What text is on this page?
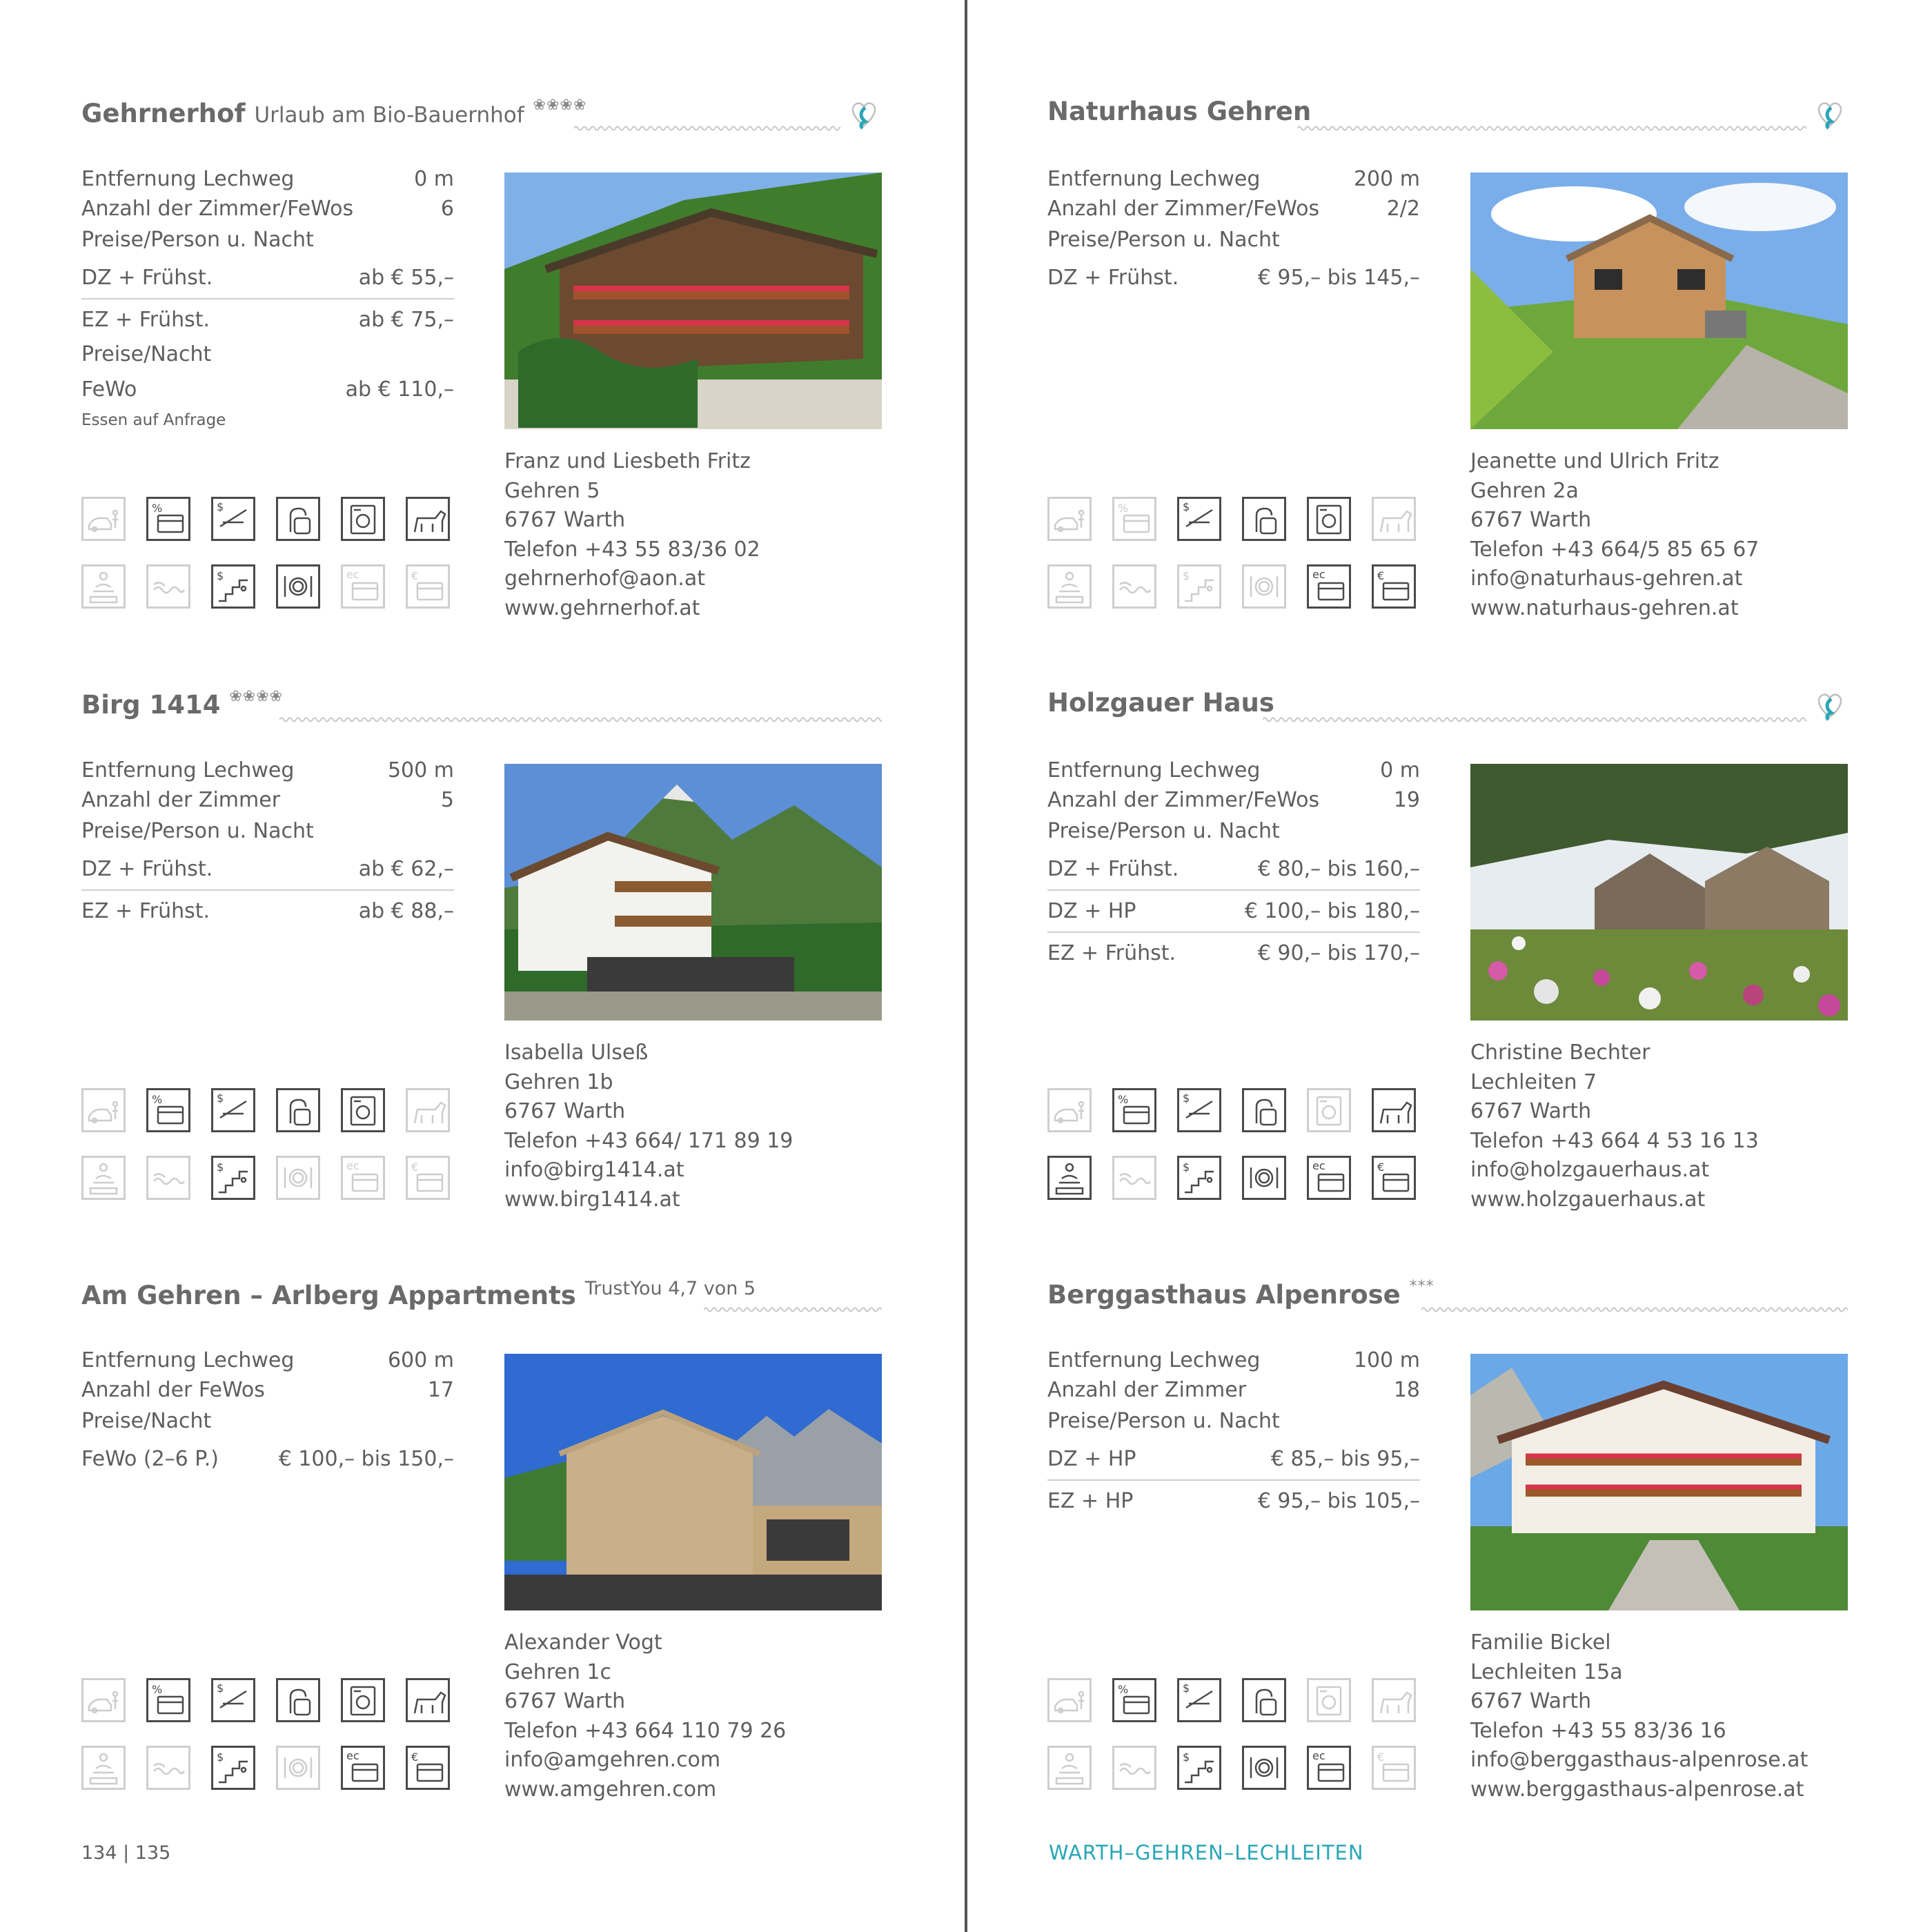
Gehrnerhof Urlaub am Bio-Bauernhof ❀❀❀❀
Entfernung Lechweg	0 m
Anzahl der Zimmer/FeWos	6
Preise/Person u. Nacht
DZ + Frühst.	ab € 55,–
EZ + Frühst.	ab € 75,–
Preise/Nacht
FeWo	ab € 110,–
Essen auf Anfrage
Franz und Liesbeth Fritz
Gehren 5
6767 Warth
Telefon +43 55 83/36 02
gehrnerhof@aon.at
www.gehrnerhof.at
%	$
$	ec	€
Naturhaus Gehren
Entfernung Lechweg	200 m
Anzahl der Zimmer/FeWos	2/2
Preise/Person u. Nacht
DZ + Frühst.	€ 95,– bis 145,–
Jeanette und Ulrich Fritz
Gehren 2a
6767 Warth
Telefon +43 664/5 85 65 67
info@naturhaus-gehren.at
www.naturhaus-gehren.at
%	$
$	ec	€
Birg 1414 ❀❀❀❀
Entfernung Lechweg	500 m
Anzahl der Zimmer	5
Preise/Person u. Nacht
DZ + Frühst.	ab € 62,–
EZ + Frühst.	ab € 88,–
Isabella Ulseß
Gehren 1b
6767 Warth
Telefon +43 664/ 171 89 19
info@birg1414.at
www.birg1414.at
%	$
$	ec	€
Holzgauer Haus
Entfernung Lechweg	0 m
Anzahl der Zimmer/FeWos	19
Preise/Person u. Nacht
DZ + Frühst.	€ 80,– bis 160,–
DZ + HP	€ 100,– bis 180,–
EZ + Frühst.	€ 90,– bis 170,–
Christine Bechter
Lechleiten 7
6767 Warth
Telefon +43 664 4 53 16 13
info@holzgauerhaus.at
www.holzgauerhaus.at
%	$
$	ec	€
Am Gehren – Arlberg Appartments $^{TrustYou 4,7 von 5}$
Entfernung Lechweg	600 m
Anzahl der FeWos	17
Preise/Nacht
FeWo (2–6 P.)	€ 100,– bis 150,–
Alexander Vogt
Gehren 1c
6767 Warth
Telefon +43 664 110 79 26
info@amgehren.com
www.amgehren.com
%	$
$	ec	€
Berggasthaus Alpenrose ***
Entfernung Lechweg	100 m
Anzahl der Zimmer	18
Preise/Person u. Nacht
DZ + HP	€ 85,– bis 95,–
EZ + HP	€ 95,– bis 105,–
Familie Bickel
Lechleiten 15a
6767 Warth
Telefon +43 55 83/36 16
info@berggasthaus-alpenrose.at
www.berggasthaus-alpenrose.at
%	$
$	ec	€
134 | 135	WARTH–GEHREN–LECHLEITEN
